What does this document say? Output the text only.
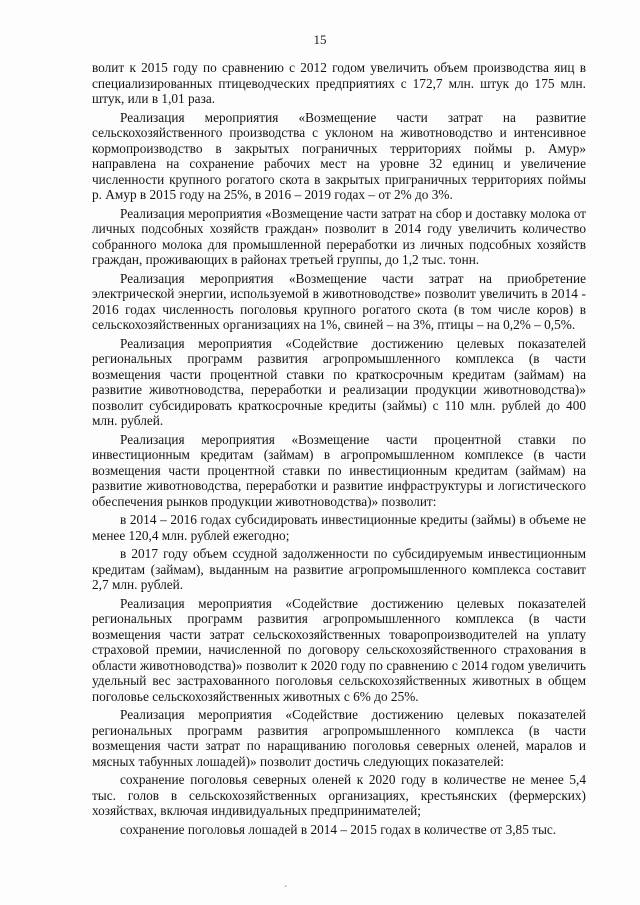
15

волит к 2015 году по сравнению с 2012 годом увеличить объем производства яиц в специализированных птицеводческих предприятиях с 172,7 млн. штук до 175 млн. штук, или в 1,01 раза.

Реализация мероприятия «Возмещение части затрат на развитие сельскохозяйственного производства с уклоном на животноводство и интенсивное кормопроизводство в закрытых пограничных территориях поймы р. Амур» направлена на сохранение рабочих мест на уровне 32 единиц и увеличение численности крупного рогатого скота в закрытых приграничных территориях поймы р. Амур в 2015 году на 25%, в 2016 – 2019 годах – от 2% до 3%.

Реализация мероприятия «Возмещение части затрат на сбор и доставку молока от личных подсобных хозяйств граждан» позволит в 2014 году увеличить количество собранного молока для промышленной переработки из личных подсобных хозяйств граждан, проживающих в районах третьей группы, до 1,2 тыс. тонн.

Реализация мероприятия «Возмещение части затрат на приобретение электрической энергии, используемой в животноводстве» позволит увеличить в 2014 - 2016 годах численность поголовья крупного рогатого скота (в том числе коров) в сельскохозяйственных организациях на 1%, свиней – на 3%, птицы – на 0,2% – 0,5%.

Реализация мероприятия «Содействие достижению целевых показателей региональных программ развития агропромышленного комплекса (в части возмещения части процентной ставки по краткосрочным кредитам (займам) на развитие животноводства, переработки и реализации продукции животноводства)» позволит субсидировать краткосрочные кредиты (займы) с 110 млн. рублей до 400 млн. рублей.

Реализация мероприятия «Возмещение части процентной ставки по инвестиционным кредитам (займам) в агропромышленном комплексе (в части возмещения части процентной ставки по инвестиционным кредитам (займам) на развитие животноводства, переработки и развитие инфраструктуры и логистического обеспечения рынков продукции животноводства)» позволит:

в 2014 – 2016 годах субсидировать инвестиционные кредиты (займы) в объеме не менее 120,4 млн. рублей ежегодно;

в 2017 году объем ссудной задолженности по субсидируемым инвестиционным кредитам (займам), выданным на развитие агропромышленного комплекса составит 2,7 млн. рублей.

Реализация мероприятия «Содействие достижению целевых показателей региональных программ развития агропромышленного комплекса (в части возмещения части затрат сельскохозяйственных товаропроизводителей на уплату страховой премии, начисленной по договору сельскохозяйственного страхования в области животноводства)» позволит к 2020 году по сравнению с 2014 годом увеличить удельный вес застрахованного поголовья сельскохозяйственных животных в общем поголовье сельскохозяйственных животных с 6% до 25%.

Реализация мероприятия «Содействие достижению целевых показателей региональных программ развития агропромышленного комплекса (в части возмещения части затрат по наращиванию поголовья северных оленей, маралов и мясных табунных лошадей)» позволит достичь следующих показателей:

сохранение поголовья северных оленей к 2020 году в количестве не менее 5,4 тыс. голов в сельскохозяйственных организациях, крестьянских (фермерских) хозяйствах, включая индивидуальных предпринимателей;

сохранение поголовья лошадей в 2014 – 2015 годах в количестве от 3,85 тыс.

ˊ
